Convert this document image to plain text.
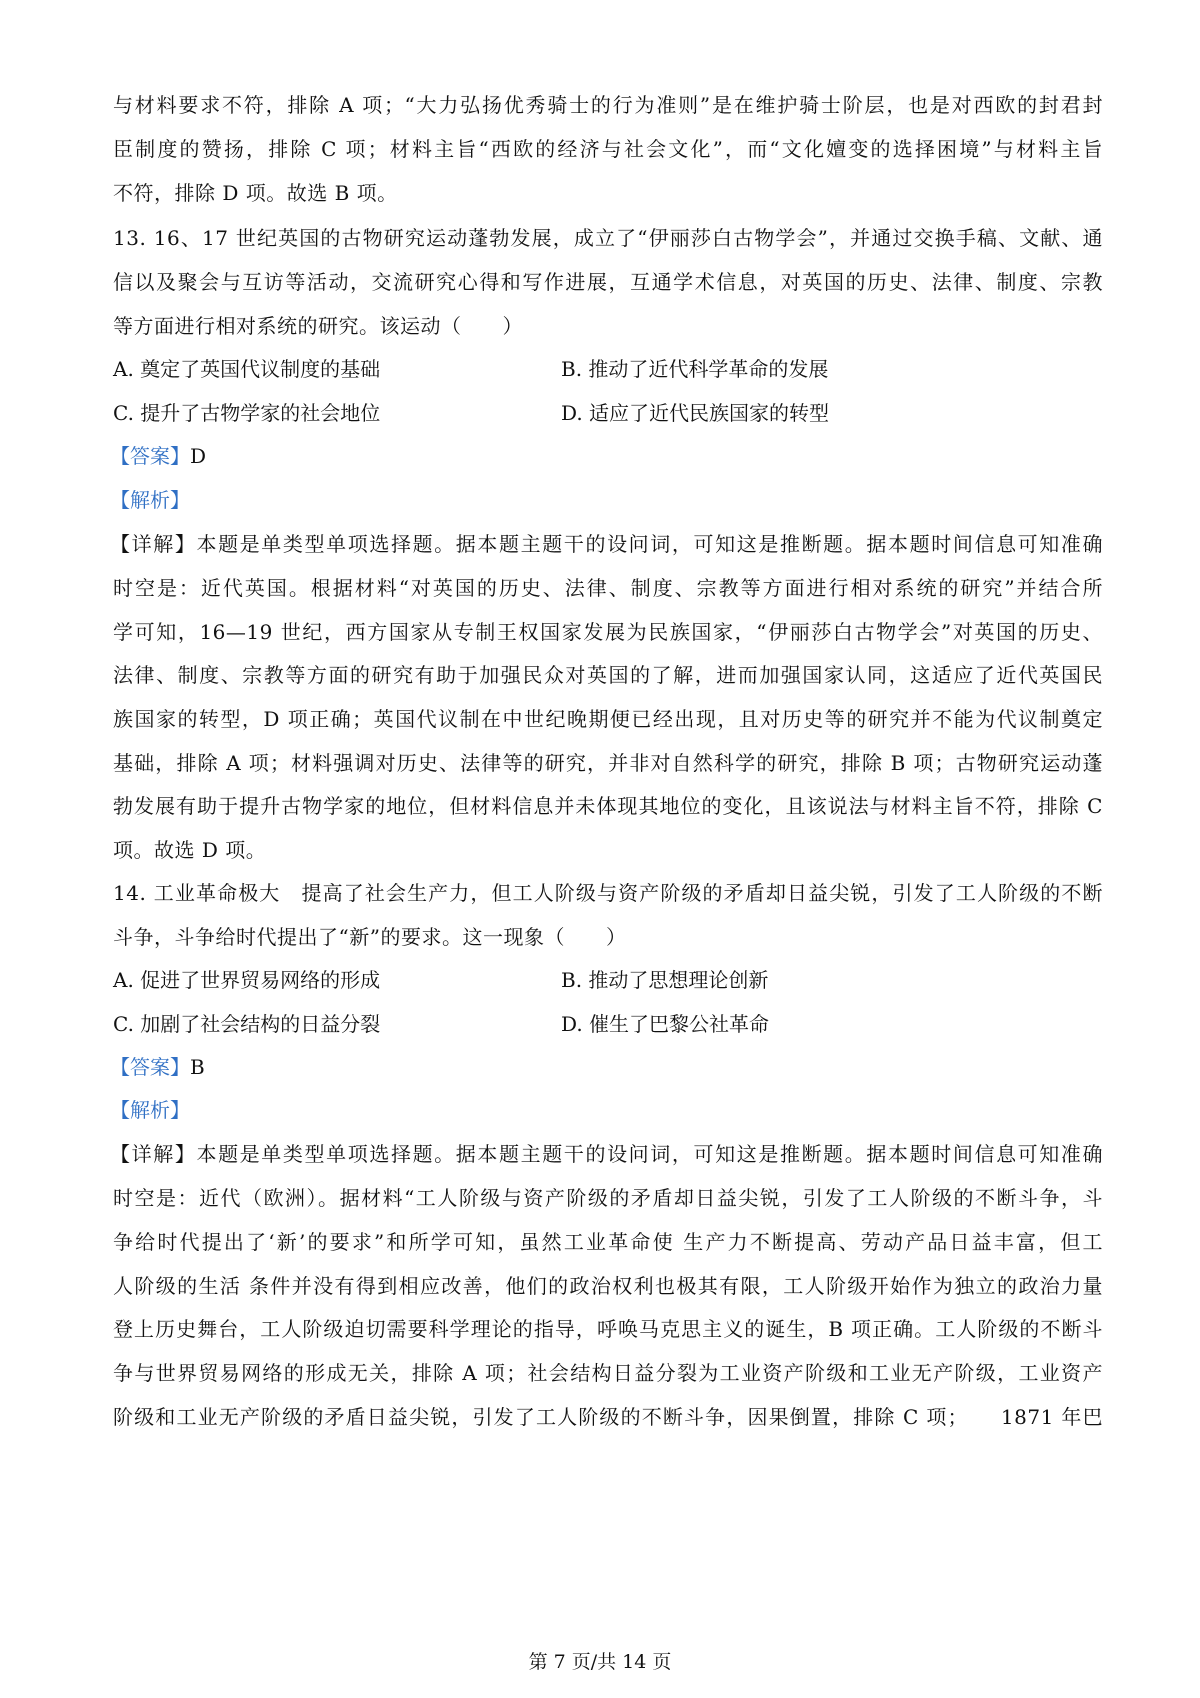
与材料要求不符，排除 A 项；“大力弘扬优秀骑士的行为准则”是在维护骑士阶层，也是对西欧的封君封
臣制度的赞扬，排除 C 项；材料主旨“西欧的经济与社会文化”，而“文化嬗变的选择困境”与材料主旨
不符，排除 D 项。故选 B 项。
13. 16、17 世纪英国的古物研究运动蓬勃发展，成立了“伊丽莎白古物学会”，并通过交换手稿、文献、通
信以及聚会与互访等活动，交流研究心得和写作进展，互通学术信息，对英国的历史、法律、制度、宗教
等方面进行相对系统的研究。该运动（　　）
A. 奠定了英国代议制度的基础	B. 推动了近代科学革命的发展
C. 提升了古物学家的社会地位	D. 适应了近代民族国家的转型
【答案】D
【解析】
【详解】本题是单类型单项选择题。据本题主题干的设问词，可知这是推断题。据本题时间信息可知准确
时空是：近代英国。根据材料“对英国的历史、法律、制度、宗教等方面进行相对系统的研究”并结合所
学可知，16—19 世纪，西方国家从专制王权国家发展为民族国家，“伊丽莎白古物学会”对英国的历史、
法律、制度、宗教等方面的研究有助于加强民众对英国的了解，进而加强国家认同，这适应了近代英国民
族国家的转型，D 项正确；英国代议制在中世纪晚期便已经出现，且对历史等的研究并不能为代议制奠定
基础，排除 A 项；材料强调对历史、法律等的研究，并非对自然科学的研究，排除 B 项；古物研究运动蓬
勃发展有助于提升古物学家的地位，但材料信息并未体现其地位的变化，且该说法与材料主旨不符，排除 C
项。故选 D 项。
14. 工业革命极大　提高了社会生产力，但工人阶级与资产阶级的矛盾却日益尖锐，引发了工人阶级的不断
斗争，斗争给时代提出了“新”的要求。这一现象（　　）
A. 促进了世界贸易网络的形成	B. 推动了思想理论创新
C. 加剧了社会结构的日益分裂	D. 催生了巴黎公社革命
【答案】B
【解析】
【详解】本题是单类型单项选择题。据本题主题干的设问词，可知这是推断题。据本题时间信息可知准确
时空是：近代（欧洲）。据材料“工人阶级与资产阶级的矛盾却日益尖锐，引发了工人阶级的不断斗争，斗
争给时代提出了‘新’的要求”和所学可知，虽然工业革命使 生产力不断提高、劳动产品日益丰富，但工
人阶级的生活 条件并没有得到相应改善，他们的政治权利也极其有限，工人阶级开始作为独立的政治力量
登上历史舞台，工人阶级迫切需要科学理论的指导，呼唤马克思主义的诞生，B 项正确。工人阶级的不断斗
争与世界贸易网络的形成无关，排除 A 项；社会结构日益分裂为工业资产阶级和工业无产阶级，工业资产
阶级和工业无产阶级的矛盾日益尖锐，引发了工人阶级的不断斗争，因果倒置，排除 C 项；　　1871 年巴
第 7 页/共 14 页
